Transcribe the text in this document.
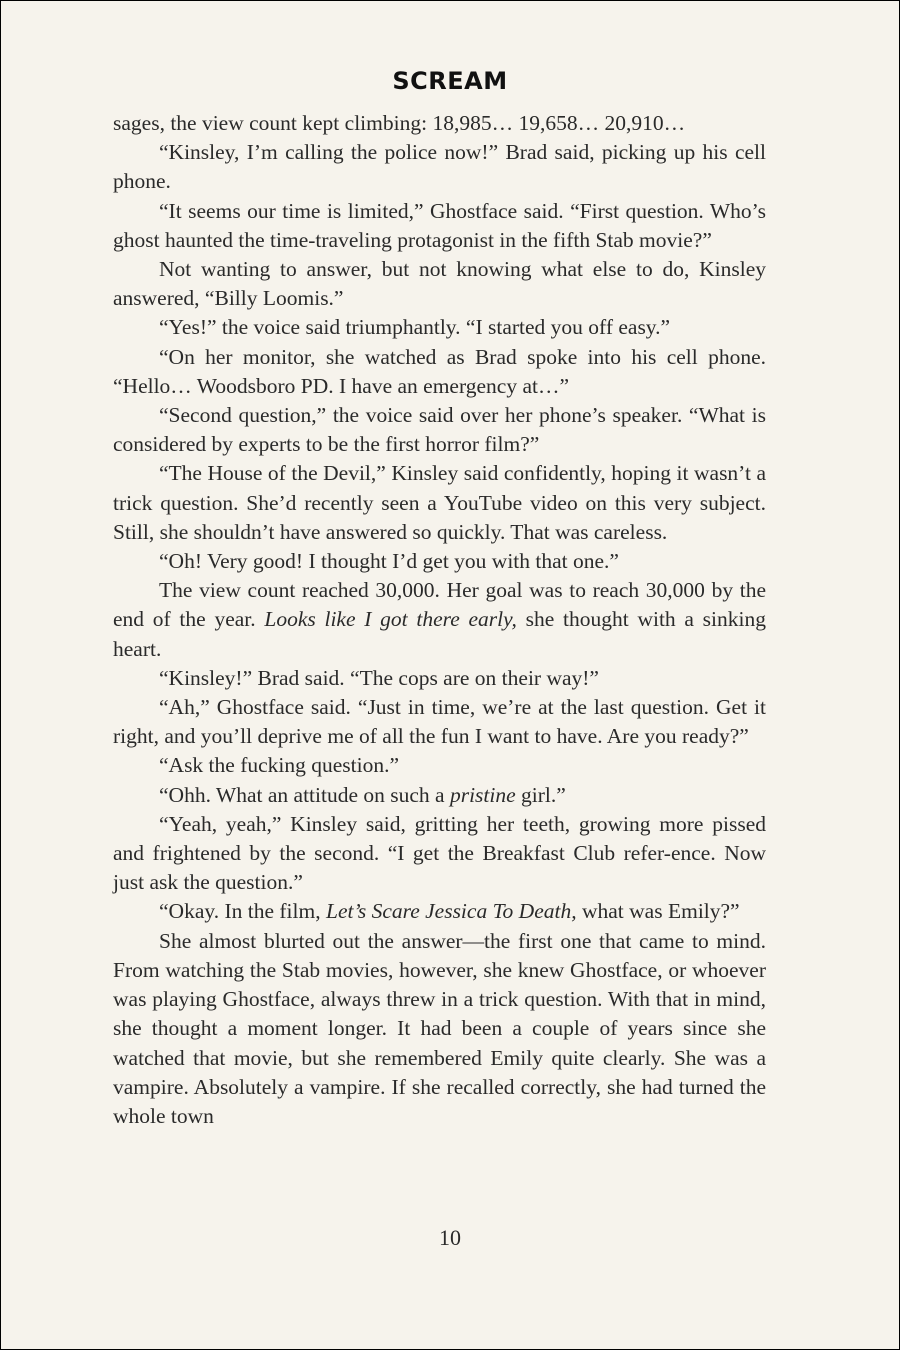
SCREAM

sages, the view count kept climbing: 18,985… 19,658… 20,910…

“Kinsley, I’m calling the police now!” Brad said, picking up his cell phone.

“It seems our time is limited,” Ghostface said. “First question. Who’s ghost haunted the time-traveling protagonist in the fifth Stab movie?”

Not wanting to answer, but not knowing what else to do, Kinsley answered, “Billy Loomis.”

“Yes!” the voice said triumphantly. “I started you off easy.”

“On her monitor, she watched as Brad spoke into his cell phone. “Hello… Woodsboro PD. I have an emergency at…”

“Second question,” the voice said over her phone’s speaker. “What is considered by experts to be the first horror film?”

“The House of the Devil,” Kinsley said confidently, hoping it wasn’t a trick question. She’d recently seen a YouTube video on this very subject. Still, she shouldn’t have answered so quickly. That was careless.

“Oh! Very good! I thought I’d get you with that one.”

The view count reached 30,000. Her goal was to reach 30,000 by the end of the year. Looks like I got there early, she thought with a sinking heart.

“Kinsley!” Brad said. “The cops are on their way!”

“Ah,” Ghostface said. “Just in time, we’re at the last question. Get it right, and you’ll deprive me of all the fun I want to have. Are you ready?”

“Ask the fucking question.”

“Ohh. What an attitude on such a pristine girl.”

“Yeah, yeah,” Kinsley said, gritting her teeth, growing more pissed and frightened by the second. “I get the Breakfast Club refer-ence. Now just ask the question.”

“Okay. In the film, Let’s Scare Jessica To Death, what was Emily?”

She almost blurted out the answer—the first one that came to mind. From watching the Stab movies, however, she knew Ghostface, or whoever was playing Ghostface, always threw in a trick question. With that in mind, she thought a moment longer. It had been a couple of years since she watched that movie, but she remembered Emily quite clearly. She was a vampire. Absolutely a vampire. If she recalled correctly, she had turned the whole town

10
